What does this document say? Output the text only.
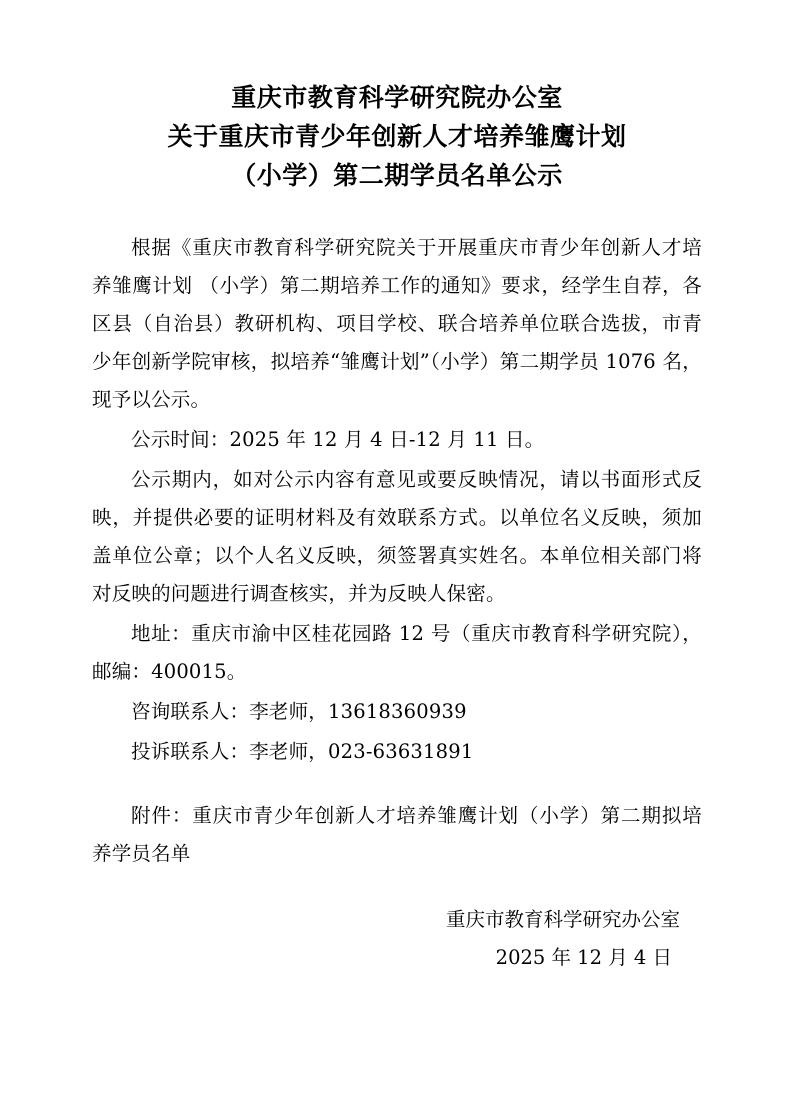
重庆市教育科学研究院办公室
关于重庆市青少年创新人才培养雏鹰计划
（小学）第二期学员名单公示

根据《重庆市教育科学研究院关于开展重庆市青少年创新人才培养雏鹰计划 （小学）第二期培养工作的通知》要求，经学生自荐，各区县（自治县）教研机构、项目学校、联合培养单位联合选拔，市青少年创新学院审核，拟培养“雏鹰计划”（小学）第二期学员 1076 名，现予以公示。

公示时间：2025 年 12 月 4 日-12 月 11 日。

公示期内，如对公示内容有意见或要反映情况，请以书面形式反映，并提供必要的证明材料及有效联系方式。以单位名义反映，须加盖单位公章；以个人名义反映，须签署真实姓名。本单位相关部门将对反映的问题进行调查核实，并为反映人保密。

地址：重庆市渝中区桂花园路 12 号（重庆市教育科学研究院），邮编：400015。

咨询联系人：李老师，13618360939

投诉联系人：李老师，023-63631891

附件：重庆市青少年创新人才培养雏鹰计划（小学）第二期拟培养学员名单

重庆市教育科学研究办公室
2025 年 12 月 4 日
